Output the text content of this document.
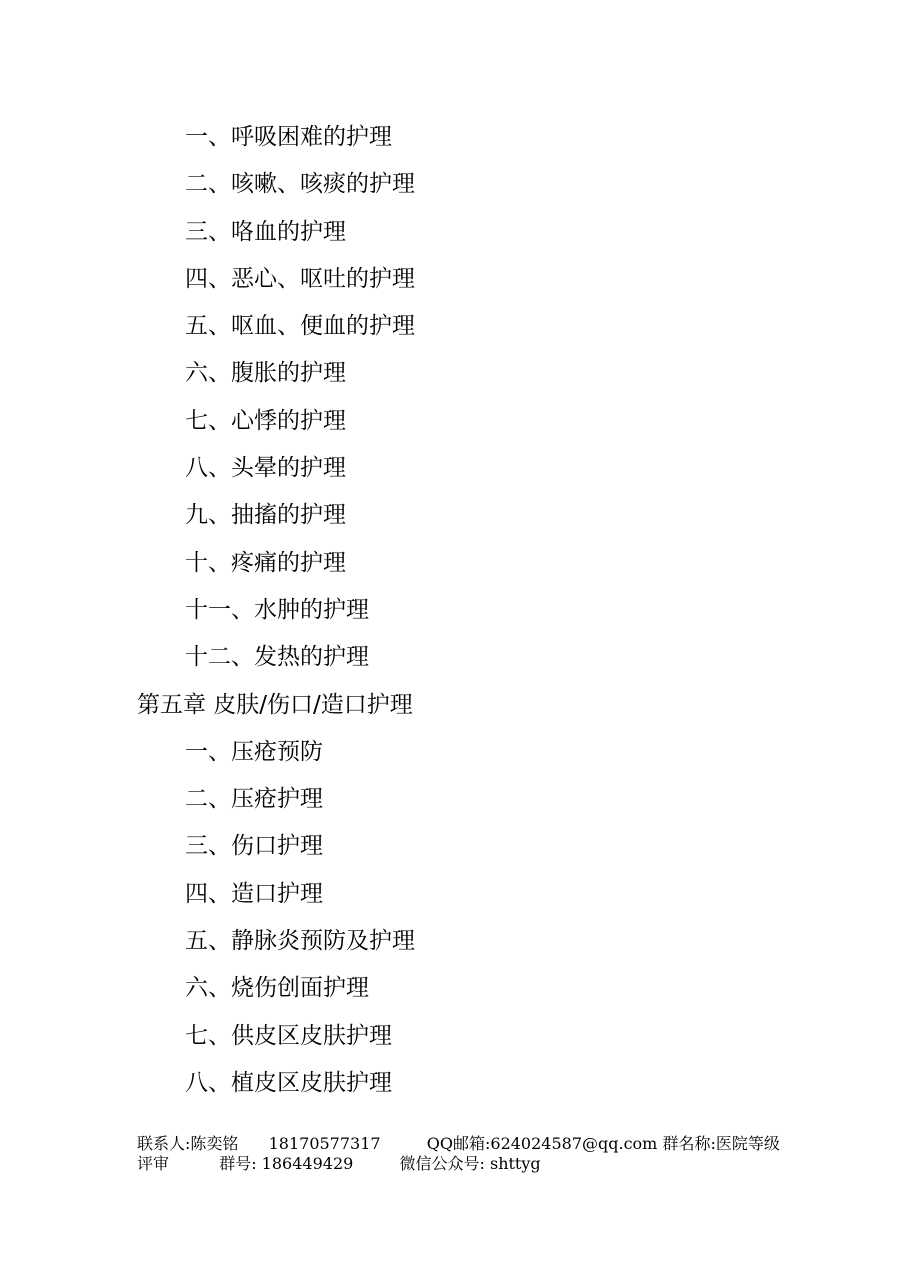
一、呼吸困难的护理
二、咳嗽、咳痰的护理
三、咯血的护理
四、恶心、呕吐的护理
五、呕血、便血的护理
六、腹胀的护理
七、心悸的护理
八、头晕的护理
九、抽搐的护理
十、疼痛的护理
十一、水肿的护理
十二、发热的护理
第五章 皮肤/伤口/造口护理
一、压疮预防
二、压疮护理
三、伤口护理
四、造口护理
五、静脉炎预防及护理
六、烧伤创面护理
七、供皮区皮肤护理
八、植皮区皮肤护理
联系人:陈奕铭 18170577317	QQ邮箱:624024587@qq.com 群名称:医院等级
评审	群号: 186449429	微信公众号: shttyg
